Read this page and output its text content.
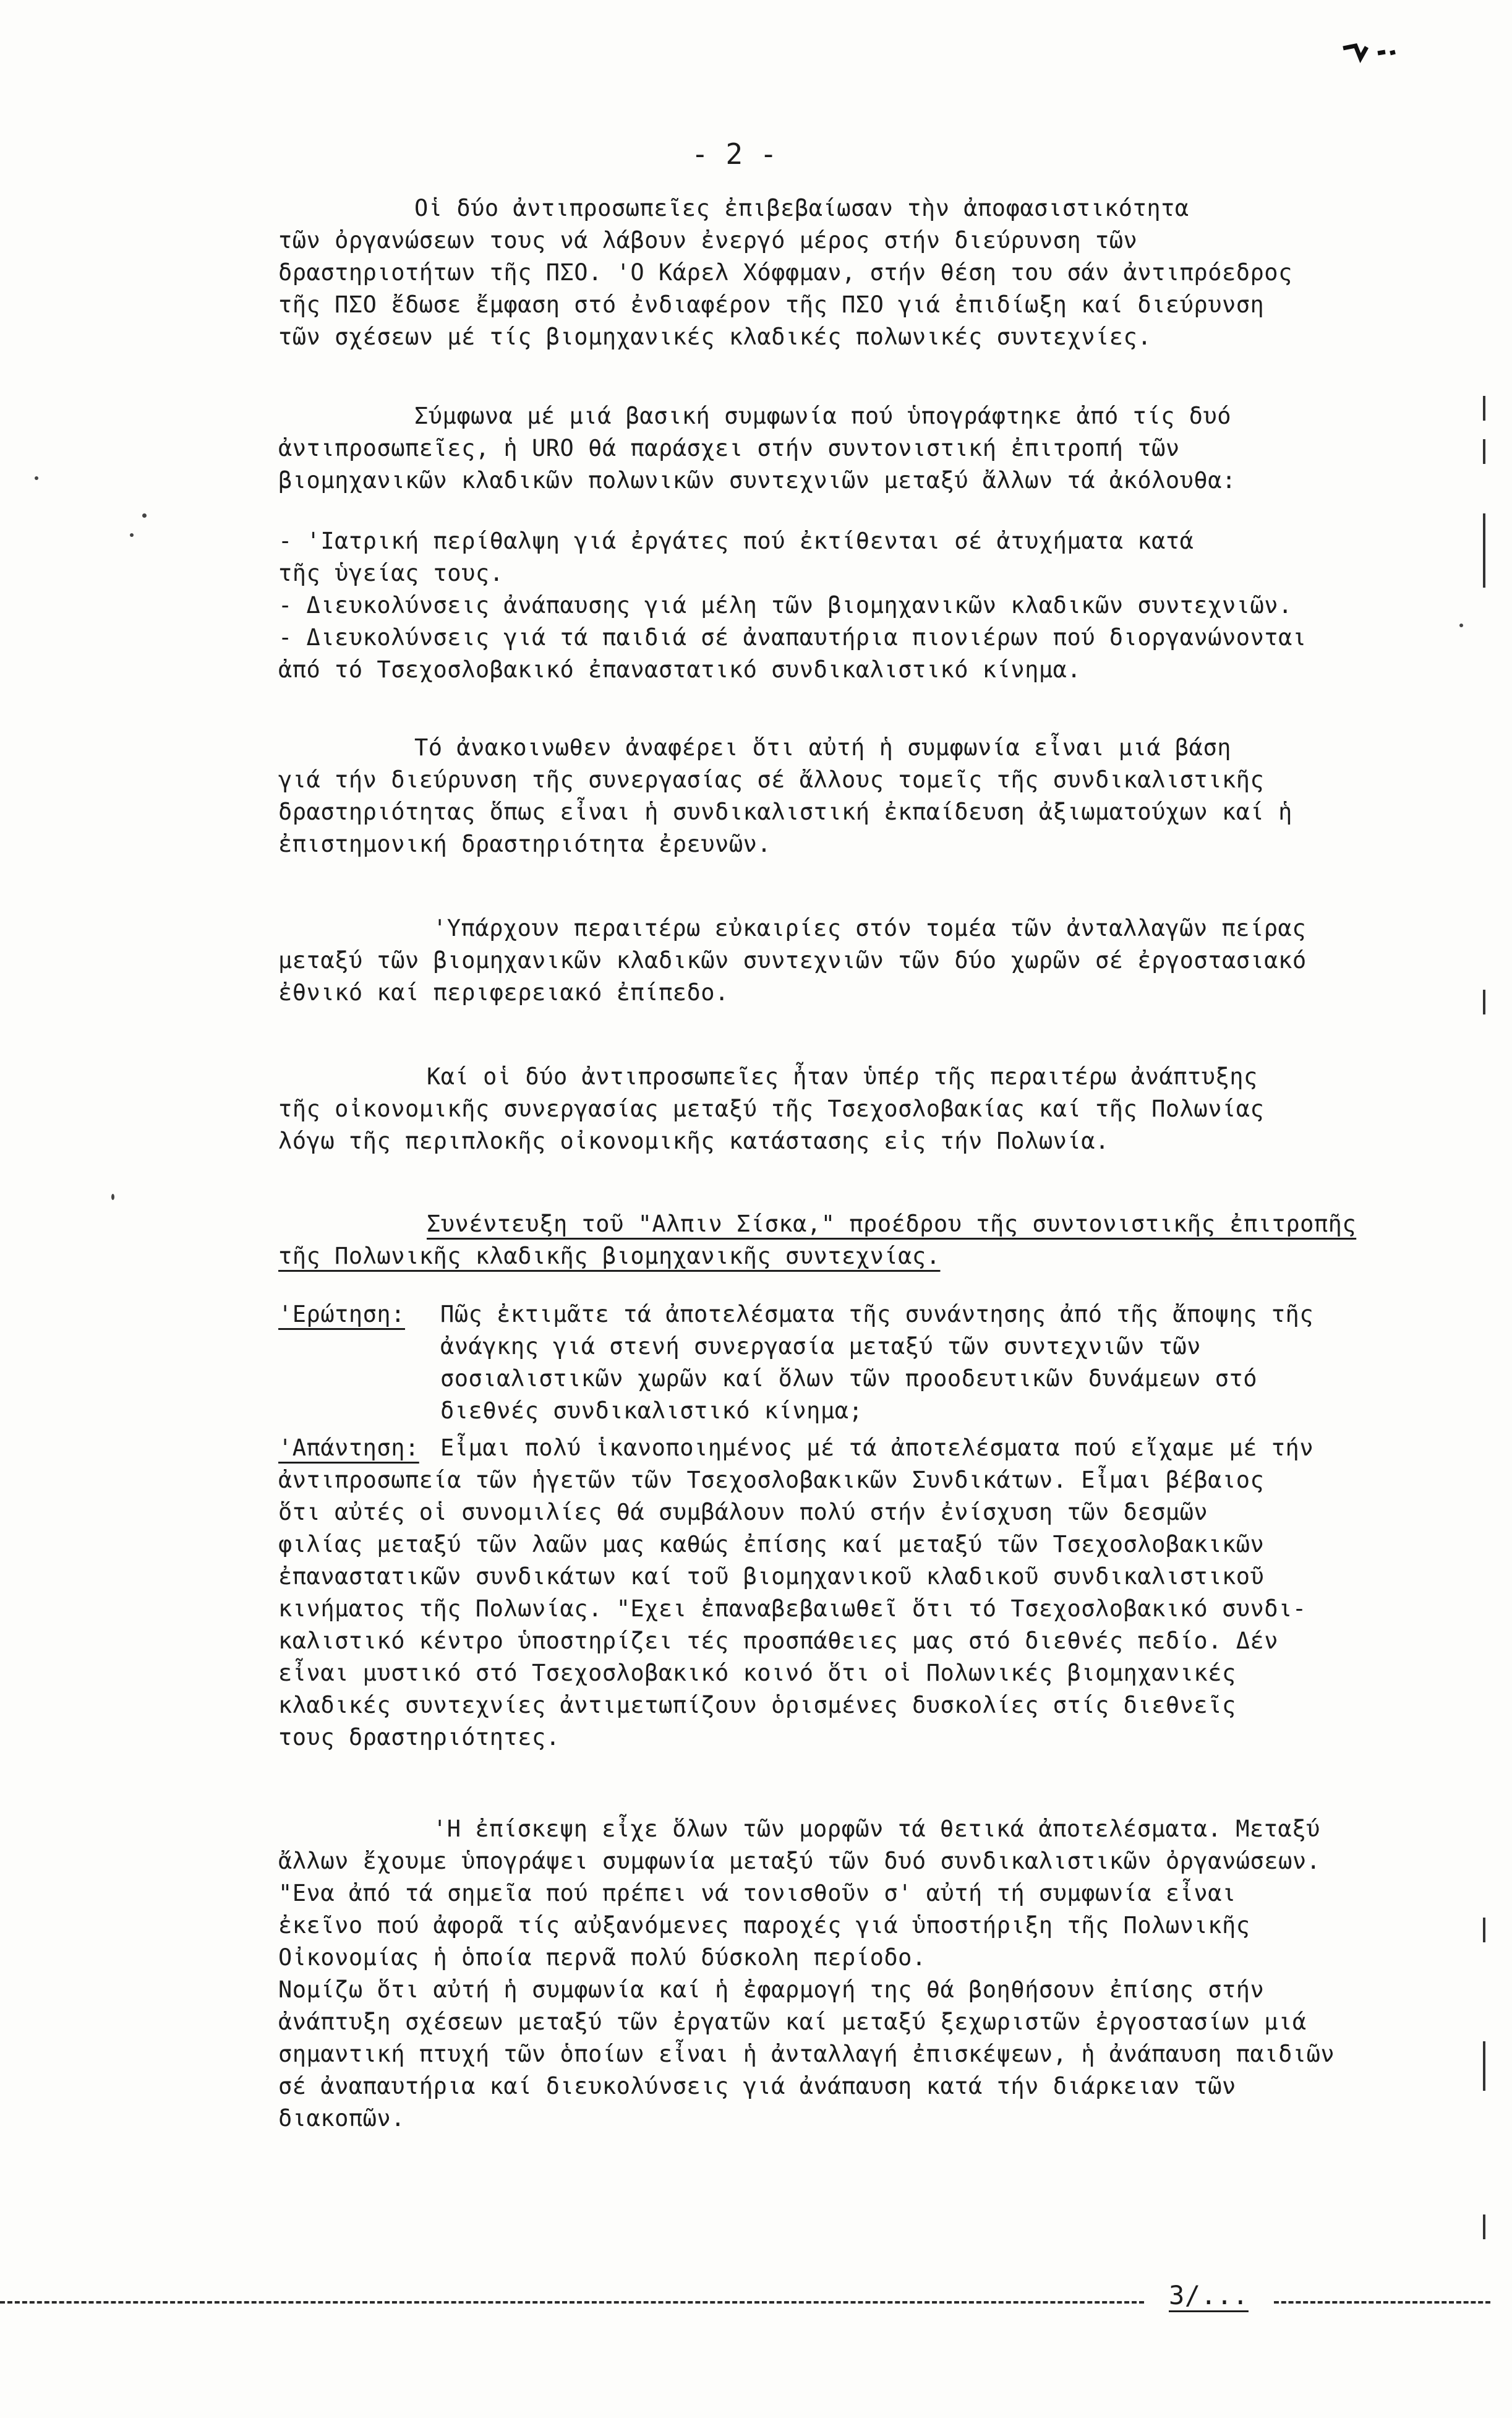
- 2 -
Οἱ δύο ἀντιπροσωπεῖες ἐπιβεβαίωσαν τὴν ἀποφασιστικότητα
τῶν ὀργανώσεων τους νά λάβουν ἐνεργό μέρος στήν διεύρυνση τῶν
δραστηριοτήτων τῆς ΠΣΟ. 'Ο Κάρελ Χόφφμαν, στήν θέση του σάν ἀντιπρόεδρος
τῆς ΠΣΟ ἔδωσε ἔμφαση στό ἐνδιαφέρον τῆς ΠΣΟ γιά ἐπιδίωξη καί διεύρυνση
τῶν σχέσεων μέ τίς βιομηχανικές κλαδικές πολωνικές συντεχνίες.
Σύμφωνα μέ μιά βασική συμφωνία πού ὑπογράφτηκε ἀπό τίς δυό
ἀντιπροσωπεῖες, ἡ URO θά παράσχει στήν συντονιστική ἐπιτροπή τῶν
βιομηχανικῶν κλαδικῶν πολωνικῶν συντεχνιῶν μεταξύ ἄλλων τά ἀκόλουθα:
- 'Ιατρική περίθαλψη γιά ἐργάτες πού ἐκτίθενται σέ ἀτυχήματα κατά
τῆς ὑγείας τους.
- Διευκολύνσεις ἀνάπαυσης γιά μέλη τῶν βιομηχανικῶν κλαδικῶν συντεχνιῶν.
- Διευκολύνσεις γιά τά παιδιά σέ ἀναπαυτήρια πιονιέρων πού διοργανώνονται
ἀπό τό Τσεχοσλοβακικό ἐπαναστατικό συνδικαλιστικό κίνημα.
Τό ἀνακοινωθεν ἀναφέρει ὅτι αὐτή ἡ συμφωνία εἶναι μιά βάση
γιά τήν διεύρυνση τῆς συνεργασίας σέ ἄλλους τομεῖς τῆς συνδικαλιστικῆς
δραστηριότητας ὅπως εἶναι ἡ συνδικαλιστική ἐκπαίδευση ἀξιωματούχων καί ἡ
ἐπιστημονική δραστηριότητα ἐρευνῶν.
'Υπάρχουν περαιτέρω εὐκαιρίες στόν τομέα τῶν ἀνταλλαγῶν πείρας
μεταξύ τῶν βιομηχανικῶν κλαδικῶν συντεχνιῶν τῶν δύο χωρῶν σέ ἐργοστασιακό
ἐθνικό καί περιφερειακό ἐπίπεδο.
Καί οἱ δύο ἀντιπροσωπεῖες ἦταν ὑπέρ τῆς περαιτέρω ἀνάπτυξης
τῆς οἰκονομικῆς συνεργασίας μεταξύ τῆς Τσεχοσλοβακίας καί τῆς Πολωνίας
λόγω τῆς περιπλοκῆς οἰκονομικῆς κατάστασης εἰς τήν Πολωνία.
Συνέντευξη τοῦ "Αλπιν Σίσκα," προέδρου τῆς συντονιστικῆς ἐπιτροπῆς
τῆς Πολωνικῆς κλαδικῆς βιομηχανικῆς συντεχνίας.
'Ερώτηση: Πῶς ἐκτιμᾶτε τά ἀποτελέσματα τῆς συνάντησης ἀπό τῆς ἄποψης τῆς
ἀνάγκης γιά στενή συνεργασία μεταξύ τῶν συντεχνιῶν τῶν
σοσιαλιστικῶν χωρῶν καί ὅλων τῶν προοδευτικῶν δυνάμεων στό
διεθνές συνδικαλιστικό κίνημα;
'Απάντηση: Εἶμαι πολύ ἱκανοποιημένος μέ τά ἀποτελέσματα πού εἴχαμε μέ τήν
ἀντιπροσωπεία τῶν ἡγετῶν τῶν Τσεχοσλοβακικῶν Συνδικάτων. Εἶμαι βέβαιος
ὅτι αὐτές οἱ συνομιλίες θά συμβάλουν πολύ στήν ἐνίσχυση τῶν δεσμῶν
φιλίας μεταξύ τῶν λαῶν μας καθώς ἐπίσης καί μεταξύ τῶν Τσεχοσλοβακικῶν
ἐπαναστατικῶν συνδικάτων καί τοῦ βιομηχανικοῦ κλαδικοῦ συνδικαλιστικοῦ
κινήματος τῆς Πολωνίας. "Εχει ἐπαναβεβαιωθεῖ ὅτι τό Τσεχοσλοβακικό συνδι-
καλιστικό κέντρο ὑποστηρίζει τές προσπάθειες μας στό διεθνές πεδίο. Δέν
εἶναι μυστικό στό Τσεχοσλοβακικό κοινό ὅτι οἱ Πολωνικές βιομηχανικές
κλαδικές συντεχνίες ἀντιμετωπίζουν ὁρισμένες δυσκολίες στίς διεθνεῖς
τους δραστηριότητες.
'Η ἐπίσκεψη εἶχε ὅλων τῶν μορφῶν τά θετικά ἀποτελέσματα. Μεταξύ
ἄλλων ἔχουμε ὑπογράψει συμφωνία μεταξύ τῶν δυό συνδικαλιστικῶν ὀργανώσεων.
"Ενα ἀπό τά σημεῖα πού πρέπει νά τονισθοῦν σ' αὐτή τή συμφωνία εἶναι
ἐκεῖνο πού ἀφορᾶ τίς αὐξανόμενες παροχές γιά ὑποστήριξη τῆς Πολωνικῆς
Οἰκονομίας ἡ ὁποία περνᾶ πολύ δύσκολη περίοδο.
Νομίζω ὅτι αὐτή ἡ συμφωνία καί ἡ ἐφαρμογή της θά βοηθήσουν ἐπίσης στήν
ἀνάπτυξη σχέσεων μεταξύ τῶν ἐργατῶν καί μεταξύ ξεχωριστῶν ἐργοστασίων μιά
σημαντική πτυχή τῶν ὁποίων εἶναι ἡ ἀνταλλαγή ἐπισκέψεων, ἡ ἀνάπαυση παιδιῶν
σέ ἀναπαυτήρια καί διευκολύνσεις γιά ἀνάπαυση κατά τήν διάρκειαν τῶν
διακοπῶν.
3/...
